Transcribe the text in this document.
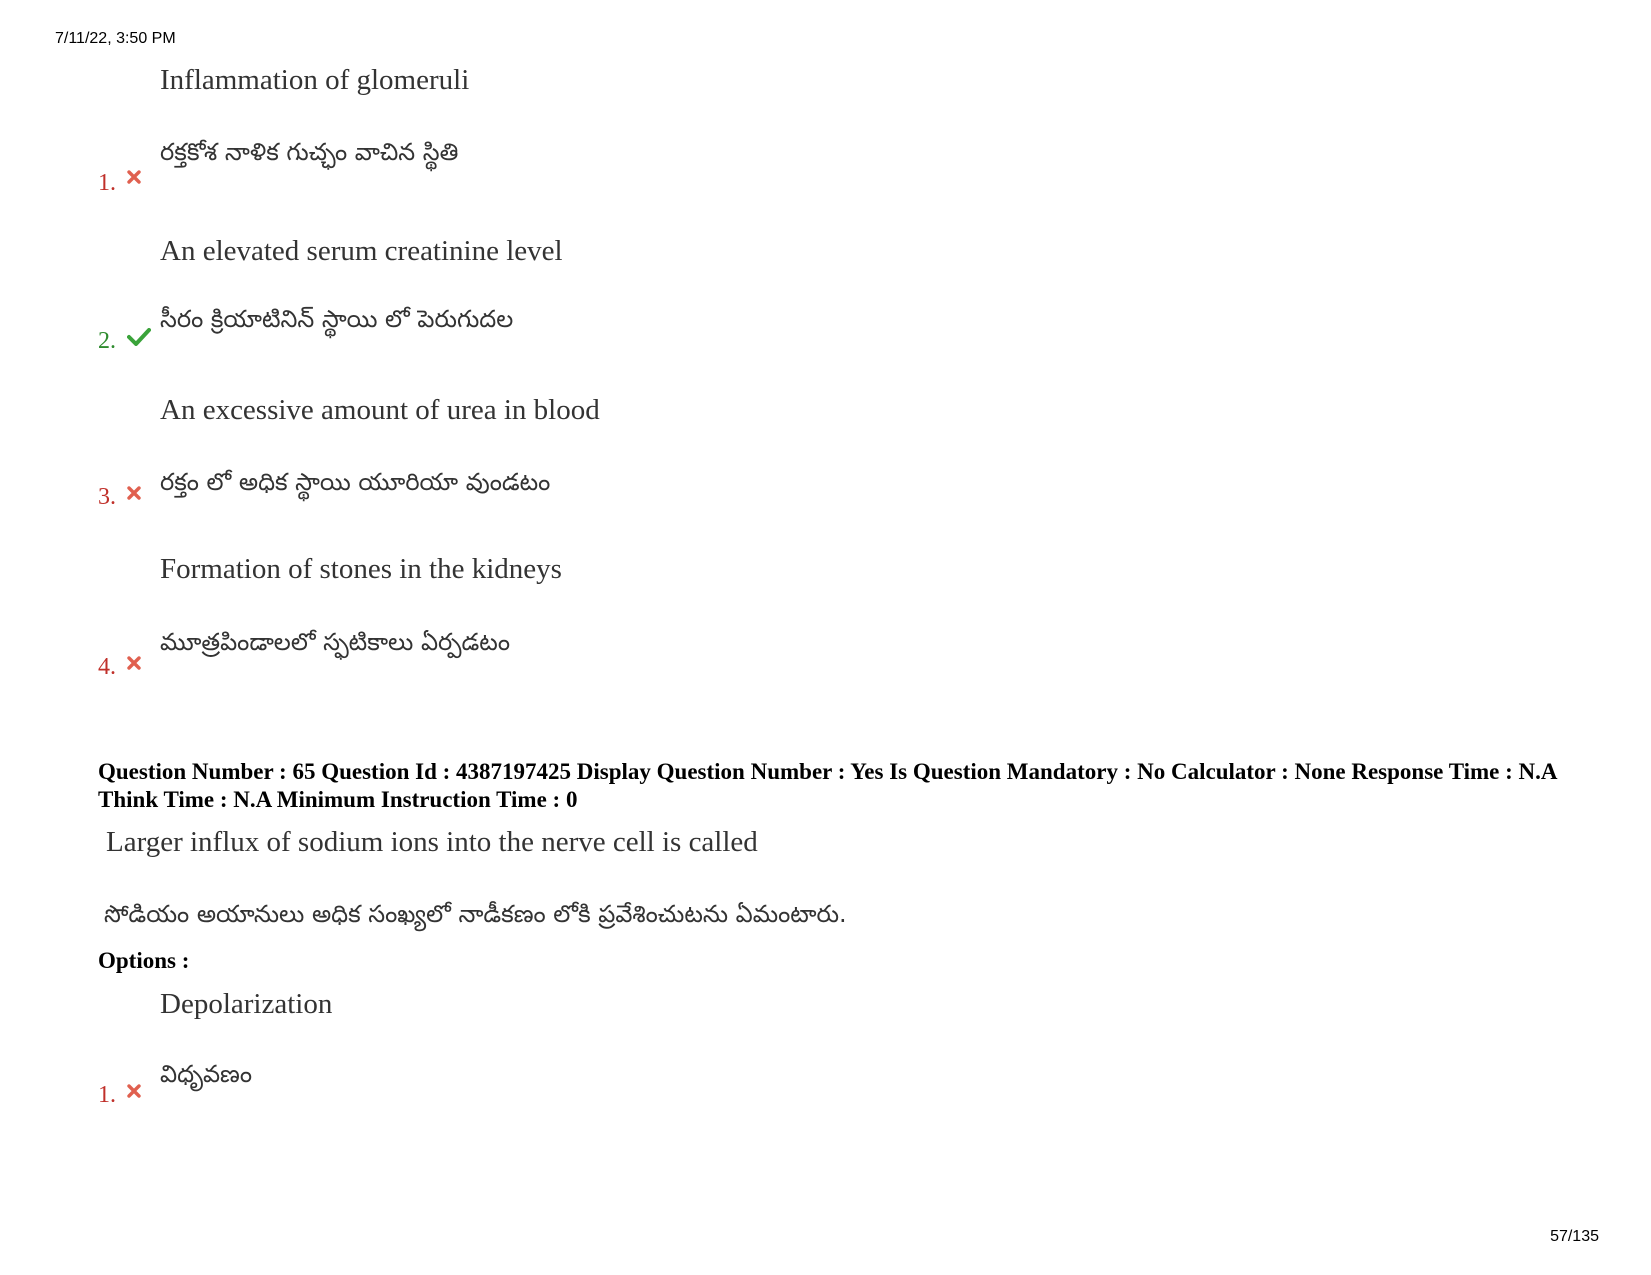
7/11/22, 3:50 PM
Inflammation of glomeruli
రక్తకోశ నాళిక గుచ్ఛం వాచిన స్థితి
1.
An elevated serum creatinine level
సీరం క్రియాటినిన్ స్థాయి లో పెరుగుదల
2.
An excessive amount of urea in blood
రక్తం లో అధిక స్థాయి యూరియా వుండటం
3.
Formation of stones in the kidneys
మూత్రపిండాలలో స్ఫటికాలు ఏర్పడటం
4.
Question Number : 65 Question Id : 4387197425 Display Question Number : Yes Is Question Mandatory : No Calculator : None Response Time : N.A Think Time : N.A Minimum Instruction Time : 0
Larger influx of sodium ions into the nerve cell is called
సోడియం అయానులు అధిక సంఖ్యలో నాడీకణం లోకి ప్రవేశించుటను ఏమంటారు.
Options :
Depolarization
విధృవణం
1.
57/135
